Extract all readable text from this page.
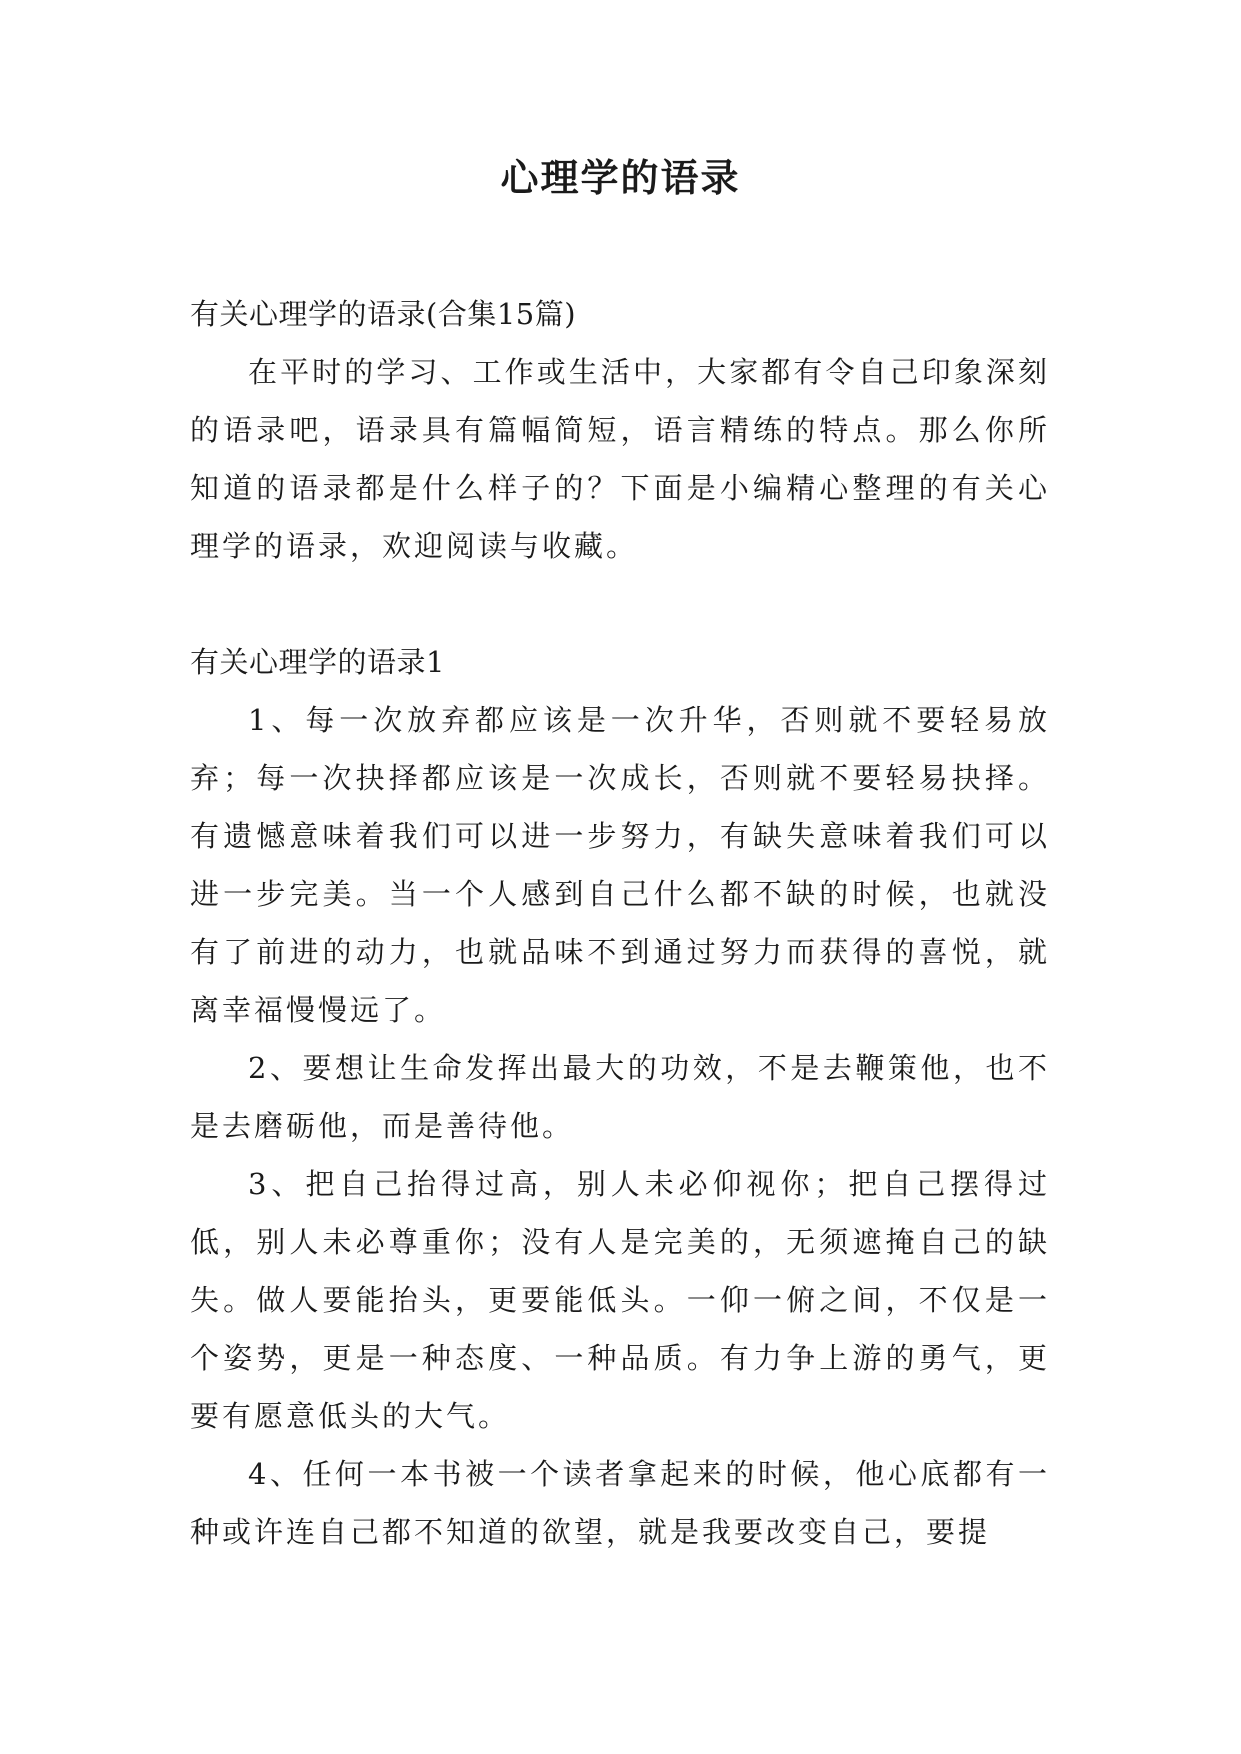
心理学的语录

有关心理学的语录(合集15篇)

在平时的学习、工作或生活中，大家都有令自己印象深刻的语录吧，语录具有篇幅简短，语言精练的特点。那么你所知道的语录都是什么样子的？下面是小编精心整理的有关心理学的语录，欢迎阅读与收藏。

有关心理学的语录1

1、每一次放弃都应该是一次升华，否则就不要轻易放弃；每一次抉择都应该是一次成长，否则就不要轻易抉择。有遗憾意味着我们可以进一步努力，有缺失意味着我们可以进一步完美。当一个人感到自己什么都不缺的时候，也就没有了前进的动力，也就品味不到通过努力而获得的喜悦，就离幸福慢慢远了。

2、要想让生命发挥出最大的功效，不是去鞭策他，也不是去磨砺他，而是善待他。

3、把自己抬得过高，别人未必仰视你；把自己摆得过低，别人未必尊重你；没有人是完美的，无须遮掩自己的缺失。做人要能抬头，更要能低头。一仰一俯之间，不仅是一个姿势，更是一种态度、一种品质。有力争上游的勇气，更要有愿意低头的大气。

4、任何一本书被一个读者拿起来的时候，他心底都有一种或许连自己都不知道的欲望，就是我要改变自己，要提
